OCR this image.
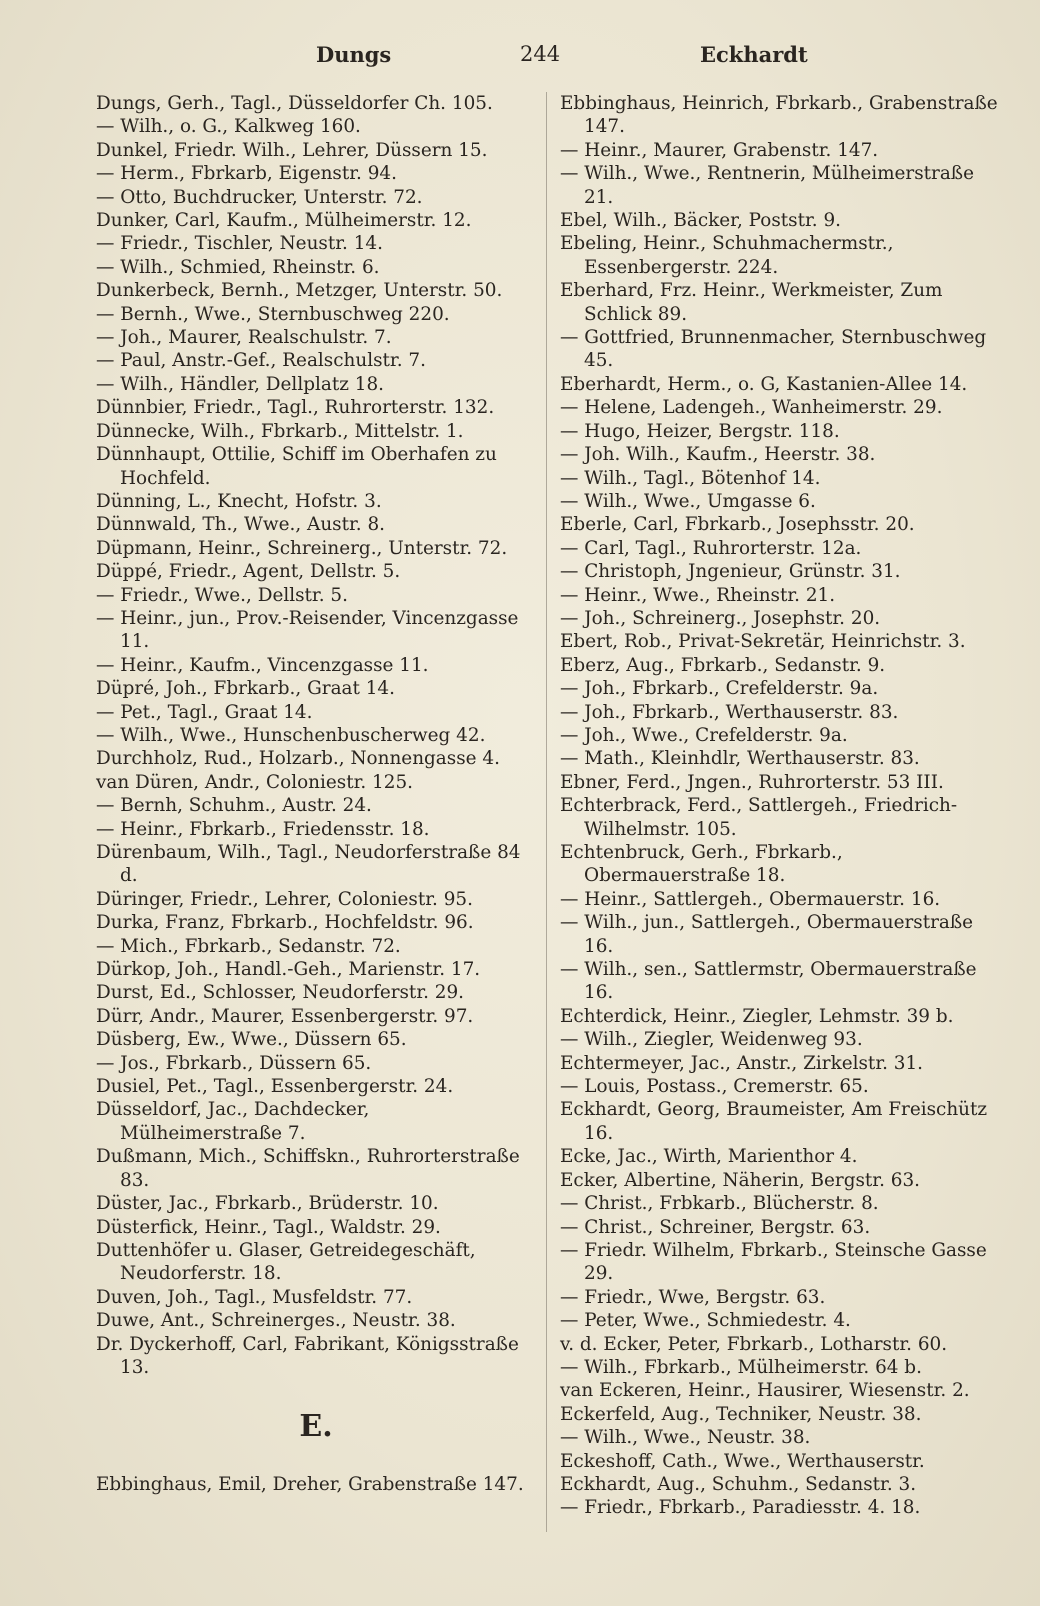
Dungs	244	Eckhardt
Dungs, Gerh., Tagl., Düsseldorfer Ch. 105.
— Wilh., o. G., Kalkweg 160.
Dunkel, Friedr. Wilh., Lehrer, Düssern 15.
— Herm., Fbrkarb, Eigenstr. 94.
— Otto, Buchdrucker, Unterstr. 72.
Dunker, Carl, Kaufm., Mülheimerstr. 12.
— Friedr., Tischler, Neustr. 14.
— Wilh., Schmied, Rheinstr. 6.
Dunkerbeck, Bernh., Metzger, Unterstr. 50.
— Bernh., Wwe., Sternbuschweg 220.
— Joh., Maurer, Realschulstr. 7.
— Paul, Anstr.-Gef., Realschulstr. 7.
— Wilh., Händler, Dellplatz 18.
Dünnbier, Friedr., Tagl., Ruhrorterstr. 132.
Dünnecke, Wilh., Fbrkarb., Mittelstr. 1.
Dünnhaupt, Ottilie, Schiff im Oberhafen zu Hochfeld.
Dünning, L., Knecht, Hofstr. 3.
Dünnwald, Th., Wwe., Austr. 8.
Düpmann, Heinr., Schreinerg., Unterstr. 72.
Düppé, Friedr., Agent, Dellstr. 5.
— Friedr., Wwe., Dellstr. 5.
— Heinr., jun., Prov.-Reisender, Vincenzgasse 11.
— Heinr., Kaufm., Vincenzgasse 11.
Düpré, Joh., Fbrkarb., Graat 14.
— Pet., Tagl., Graat 14.
— Wilh., Wwe., Hunschenbuscherweg 42.
Durchholz, Rud., Holzarb., Nonnengasse 4.
van Düren, Andr., Coloniestr. 125.
— Bernh, Schuhm., Austr. 24.
— Heinr., Fbrkarb., Friedensstr. 18.
Dürenbaum, Wilh., Tagl., Neudorferstraße 84 d.
Düringer, Friedr., Lehrer, Coloniestr. 95.
Durka, Franz, Fbrkarb., Hochfeldstr. 96.
— Mich., Fbrkarb., Sedanstr. 72.
Dürkop, Joh., Handl.-Geh., Marienstr. 17.
Durst, Ed., Schlosser, Neudorferstr. 29.
Dürr, Andr., Maurer, Essenbergerstr. 97.
Düsberg, Ew., Wwe., Düssern 65.
— Jos., Fbrkarb., Düssern 65.
Dusiel, Pet., Tagl., Essenbergerstr. 24.
Düsseldorf, Jac., Dachdecker, Mülheimerstraße 7.
Dußmann, Mich., Schiffskn., Ruhrorterstraße 83.
Düster, Jac., Fbrkarb., Brüderstr. 10.
Düsterfick, Heinr., Tagl., Waldstr. 29.
Duttenhöfer u. Glaser, Getreidegeschäft, Neudorferstr. 18.
Duven, Joh., Tagl., Musfeldstr. 77.
Duwe, Ant., Schreinerges., Neustr. 38.
Dr. Dyckerhoff, Carl, Fabrikant, Königsstraße 13.
E.
Ebbinghaus, Emil, Dreher, Grabenstraße 147.
Ebbinghaus, Heinrich, Fbrkarb., Grabenstraße 147.
— Heinr., Maurer, Grabenstr. 147.
— Wilh., Wwe., Rentnerin, Mülheimerstraße 21.
Ebel, Wilh., Bäcker, Poststr. 9.
Ebeling, Heinr., Schuhmachermstr., Essenbergerstr. 224.
Eberhard, Frz. Heinr., Werkmeister, Zum Schlick 89.
— Gottfried, Brunnenmacher, Sternbuschweg 45.
Eberhardt, Herm., o. G, Kastanien-Allee 14.
— Helene, Ladengeh., Wanheimerstr. 29.
— Hugo, Heizer, Bergstr. 118.
— Joh. Wilh., Kaufm., Heerstr. 38.
— Wilh., Tagl., Bötenhof 14.
— Wilh., Wwe., Umgasse 6.
Eberle, Carl, Fbrkarb., Josephsstr. 20.
— Carl, Tagl., Ruhrorterstr. 12a.
— Christoph, Jngenieur, Grünstr. 31.
— Heinr., Wwe., Rheinstr. 21.
— Joh., Schreinerg., Josephstr. 20.
Ebert, Rob., Privat-Sekretär, Heinrichstr. 3.
Eberz, Aug., Fbrkarb., Sedanstr. 9.
— Joh., Fbrkarb., Crefelderstr. 9a.
— Joh., Fbrkarb., Werthauserstr. 83.
— Joh., Wwe., Crefelderstr. 9a.
— Math., Kleinhdlr, Werthauserstr. 83.
Ebner, Ferd., Jngen., Ruhrorterstr. 53 III.
Echterbrack, Ferd., Sattlergeh., Friedrich-Wilhelmstr. 105.
Echtenbruck, Gerh., Fbrkarb., Obermauerstraße 18.
— Heinr., Sattlergeh., Obermauerstr. 16.
— Wilh., jun., Sattlergeh., Obermauerstraße 16.
— Wilh., sen., Sattlermstr, Obermauerstraße 16.
Echterdick, Heinr., Ziegler, Lehmstr. 39 b.
— Wilh., Ziegler, Weidenweg 93.
Echtermeyer, Jac., Anstr., Zirkelstr. 31.
— Louis, Postass., Cremerstr. 65.
Eckhardt, Georg, Braumeister, Am Freischütz 16.
Ecke, Jac., Wirth, Marienthor 4.
Ecker, Albertine, Näherin, Bergstr. 63.
— Christ., Frbkarb., Blücherstr. 8.
— Christ., Schreiner, Bergstr. 63.
— Friedr. Wilhelm, Fbrkarb., Steinsche Gasse 29.
— Friedr., Wwe, Bergstr. 63.
— Peter, Wwe., Schmiedestr. 4.
v. d. Ecker, Peter, Fbrkarb., Lotharstr. 60.
— Wilh., Fbrkarb., Mülheimerstr. 64 b.
van Eckeren, Heinr., Hausirer, Wiesenstr. 2.
Eckerfeld, Aug., Techniker, Neustr. 38.
— Wilh., Wwe., Neustr. 38.
Eckeshoff, Cath., Wwe., Werthauserstr.
Eckhardt, Aug., Schuhm., Sedanstr. 3.
— Friedr., Fbrkarb., Paradiesstr. 4. 18.
